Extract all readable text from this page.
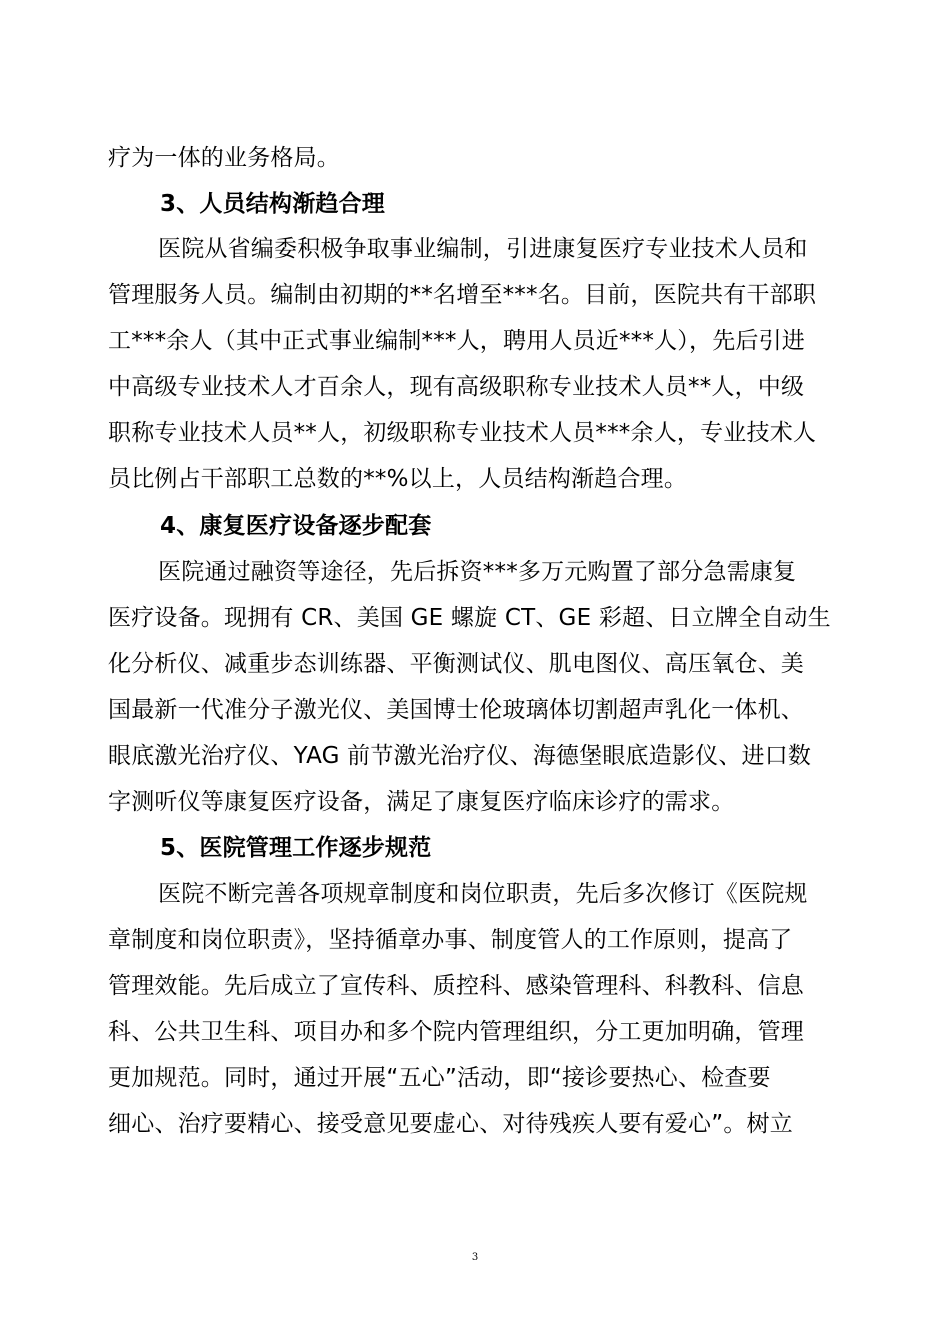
疗为一体的业务格局。
3、人员结构渐趋合理
医院从省编委积极争取事业编制，引进康复医疗专业技术人员和
管理服务人员。编制由初期的**名增至***名。目前，医院共有干部职
工***余人（其中正式事业编制***人，聘用人员近***人），先后引进
中高级专业技术人才百余人，现有高级职称专业技术人员**人，中级
职称专业技术人员**人，初级职称专业技术人员***余人，专业技术人
员比例占干部职工总数的**%以上，人员结构渐趋合理。
4、康复医疗设备逐步配套
医院通过融资等途径，先后拆资***多万元购置了部分急需康复
医疗设备。现拥有 CR、美国 GE 螺旋 CT、GE 彩超、日立牌全自动生
化分析仪、减重步态训练器、平衡测试仪、肌电图仪、高压氧仓、美
国最新一代准分子激光仪、美国博士伦玻璃体切割超声乳化一体机、
眼底激光治疗仪、YAG 前节激光治疗仪、海德堡眼底造影仪、进口数
字测听仪等康复医疗设备，满足了康复医疗临床诊疗的需求。
5、医院管理工作逐步规范
医院不断完善各项规章制度和岗位职责，先后多次修订《医院规
章制度和岗位职责》，坚持循章办事、制度管人的工作原则，提高了
管理效能。先后成立了宣传科、质控科、感染管理科、科教科、信息
科、公共卫生科、项目办和多个院内管理组织，分工更加明确，管理
更加规范。同时，通过开展“五心”活动，即“接诊要热心、检查要
细心、治疗要精心、接受意见要虚心、对待残疾人要有爱心”。树立
3
